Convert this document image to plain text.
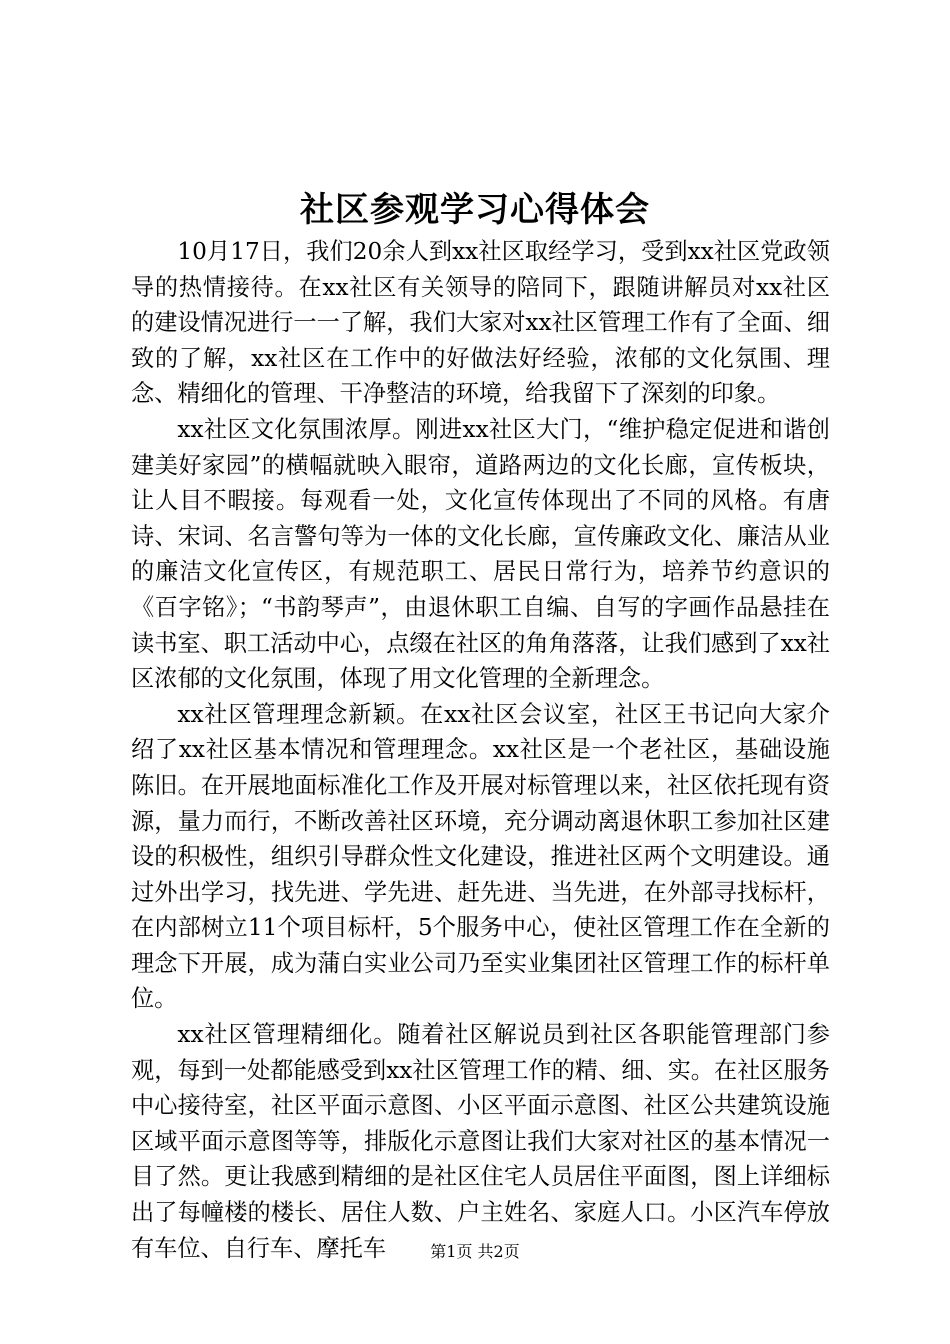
社区参观学习心得体会

10月17日，我们20余人到xx社区取经学习，受到xx社区党政领导的热情接待。在xx社区有关领导的陪同下，跟随讲解员对xx社区的建设情况进行一一了解，我们大家对xx社区管理工作有了全面、细致的了解，xx社区在工作中的好做法好经验，浓郁的文化氛围、理念、精细化的管理、干净整洁的环境，给我留下了深刻的印象。

xx社区文化氛围浓厚。刚进xx社区大门，“维护稳定促进和谐创建美好家园”的横幅就映入眼帘，道路两边的文化长廊，宣传板块，让人目不暇接。每观看一处，文化宣传体现出了不同的风格。有唐诗、宋词、名言警句等为一体的文化长廊，宣传廉政文化、廉洁从业的廉洁文化宣传区，有规范职工、居民日常行为，培养节约意识的《百字铭》；“书韵琴声”，由退休职工自编、自写的字画作品悬挂在读书室、职工活动中心，点缀在社区的角角落落，让我们感到了xx社区浓郁的文化氛围，体现了用文化管理的全新理念。

xx社区管理理念新颖。在xx社区会议室，社区王书记向大家介绍了xx社区基本情况和管理理念。xx社区是一个老社区，基础设施陈旧。在开展地面标准化工作及开展对标管理以来，社区依托现有资源，量力而行，不断改善社区环境，充分调动离退休职工参加社区建设的积极性，组织引导群众性文化建设，推进社区两个文明建设。通过外出学习，找先进、学先进、赶先进、当先进，在外部寻找标杆，在内部树立11个项目标杆，5个服务中心，使社区管理工作在全新的理念下开展，成为蒲白实业公司乃至实业集团社区管理工作的标杆单位。

xx社区管理精细化。随着社区解说员到社区各职能管理部门参观，每到一处都能感受到xx社区管理工作的精、细、实。在社区服务中心接待室，社区平面示意图、小区平面示意图、社区公共建筑设施区域平面示意图等等，排版化示意图让我们大家对社区的基本情况一目了然。更让我感到精细的是社区住宅人员居住平面图，图上详细标出了每幢楼的楼长、居住人数、户主姓名、家庭人口。小区汽车停放有车位、自行车、摩托车	第1页 共2页
